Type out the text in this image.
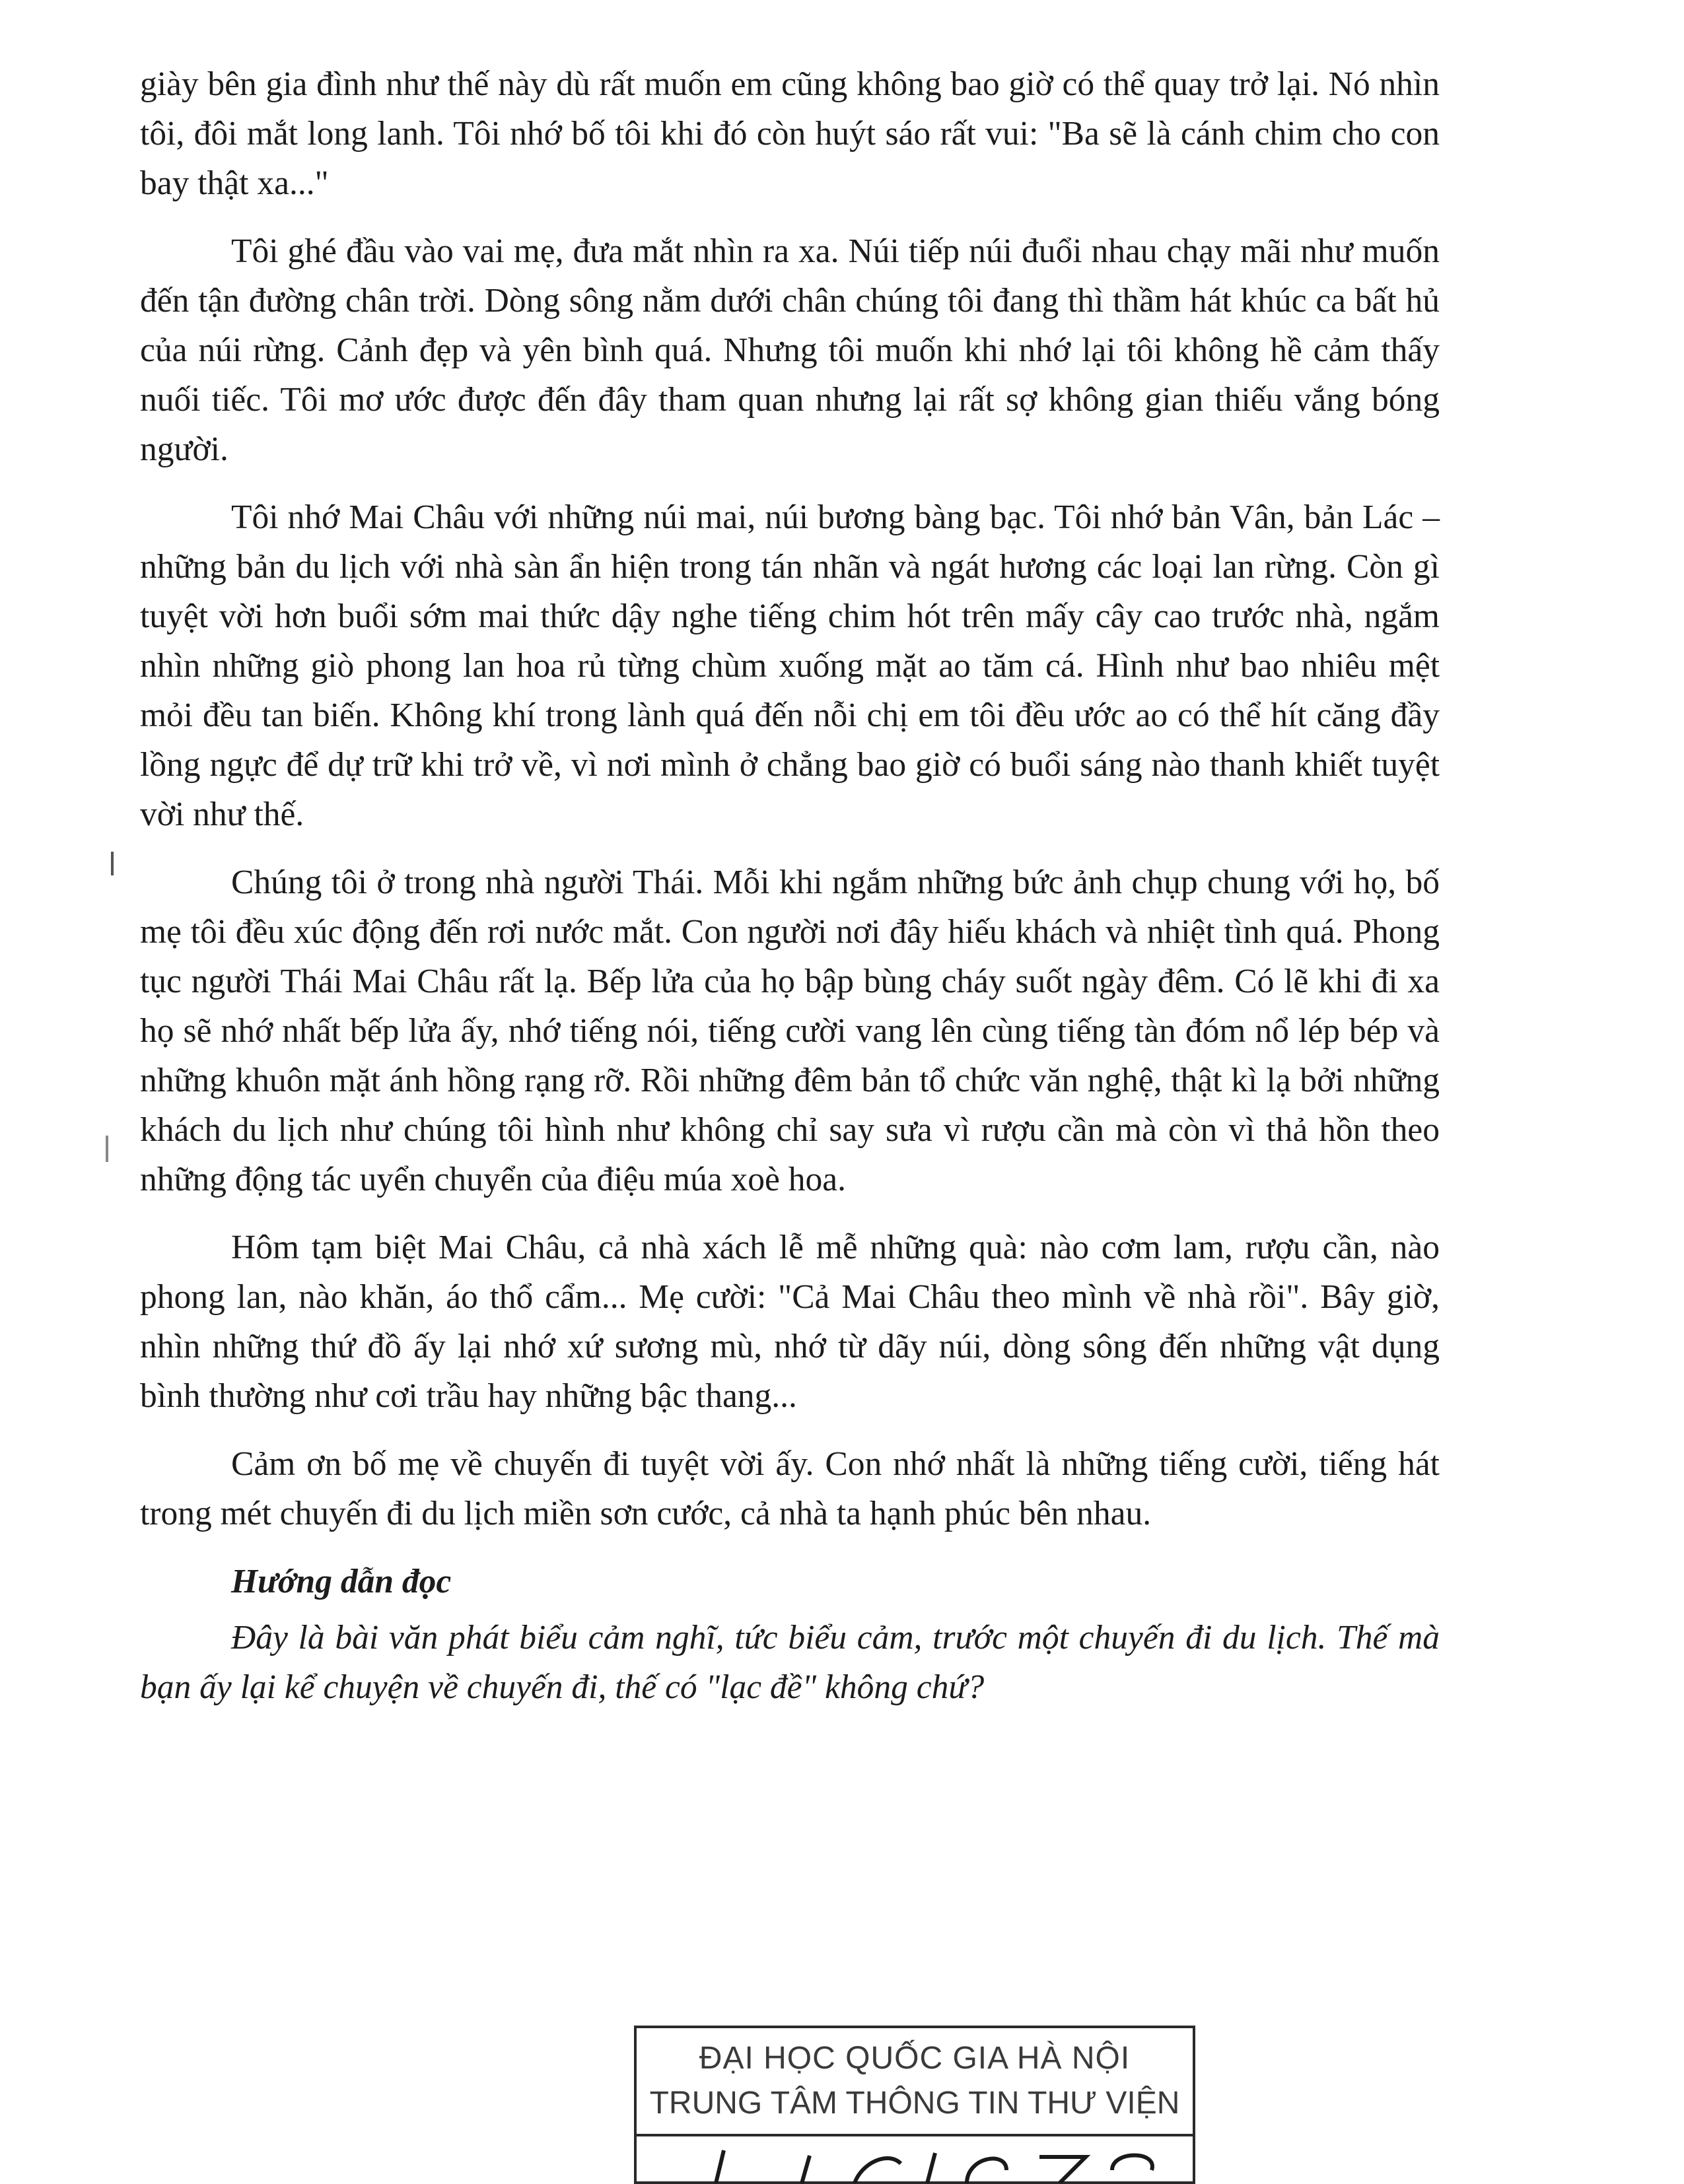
giày bên gia đình như thế này dù rất muốn em cũng không bao giờ có thể quay trở lại. Nó nhìn tôi, đôi mắt long lanh. Tôi nhớ bố tôi khi đó còn huýt sáo rất vui: "Ba sẽ là cánh chim cho con bay thật xa..."

Tôi ghé đầu vào vai mẹ, đưa mắt nhìn ra xa. Núi tiếp núi đuổi nhau chạy mãi như muốn đến tận đường chân trời. Dòng sông nằm dưới chân chúng tôi đang thì thầm hát khúc ca bất hủ của núi rừng. Cảnh đẹp và yên bình quá. Nhưng tôi muốn khi nhớ lại tôi không hề cảm thấy nuối tiếc. Tôi mơ ước được đến đây tham quan nhưng lại rất sợ không gian thiếu vắng bóng người.

Tôi nhớ Mai Châu với những núi mai, núi bương bàng bạc. Tôi nhớ bản Vân, bản Lác – những bản du lịch với nhà sàn ẩn hiện trong tán nhãn và ngát hương các loại lan rừng. Còn gì tuyệt vời hơn buổi sớm mai thức dậy nghe tiếng chim hót trên mấy cây cao trước nhà, ngắm nhìn những giò phong lan hoa rủ từng chùm xuống mặt ao tăm cá. Hình như bao nhiêu mệt mỏi đều tan biến. Không khí trong lành quá đến nỗi chị em tôi đều ước ao có thể hít căng đầy lồng ngực để dự trữ khi trở về, vì nơi mình ở chẳng bao giờ có buổi sáng nào thanh khiết tuyệt vời như thế.

Chúng tôi ở trong nhà người Thái. Mỗi khi ngắm những bức ảnh chụp chung với họ, bố mẹ tôi đều xúc động đến rơi nước mắt. Con người nơi đây hiếu khách và nhiệt tình quá. Phong tục người Thái Mai Châu rất lạ. Bếp lửa của họ bập bùng cháy suốt ngày đêm. Có lẽ khi đi xa họ sẽ nhớ nhất bếp lửa ấy, nhớ tiếng nói, tiếng cười vang lên cùng tiếng tàn đóm nổ lép bép và những khuôn mặt ánh hồng rạng rỡ. Rồi những đêm bản tổ chức văn nghệ, thật kì lạ bởi những khách du lịch như chúng tôi hình như không chỉ say sưa vì rượu cần mà còn vì thả hồn theo những động tác uyển chuyển của điệu múa xoè hoa.

Hôm tạm biệt Mai Châu, cả nhà xách lễ mễ những quà: nào cơm lam, rượu cần, nào phong lan, nào khăn, áo thổ cẩm... Mẹ cười: "Cả Mai Châu theo mình về nhà rồi". Bây giờ, nhìn những thứ đồ ấy lại nhớ xứ sương mù, nhớ từ dãy núi, dòng sông đến những vật dụng bình thường như cơi trầu hay những bậc thang...

Cảm ơn bố mẹ về chuyến đi tuyệt vời ấy. Con nhớ nhất là những tiếng cười, tiếng hát trong mét chuyến đi du lịch miền sơn cước, cả nhà ta hạnh phúc bên nhau.

Hướng dẫn đọc

Đây là bài văn phát biểu cảm nghĩ, tức biểu cảm, trước một chuyến đi du lịch. Thế mà bạn ấy lại kể chuyện về chuyến đi, thế có "lạc đề" không chứ?

ĐẠI HỌC QUỐC GIA HÀ NỘI
TRUNG TÂM THÔNG TIN THƯ VIỆN
